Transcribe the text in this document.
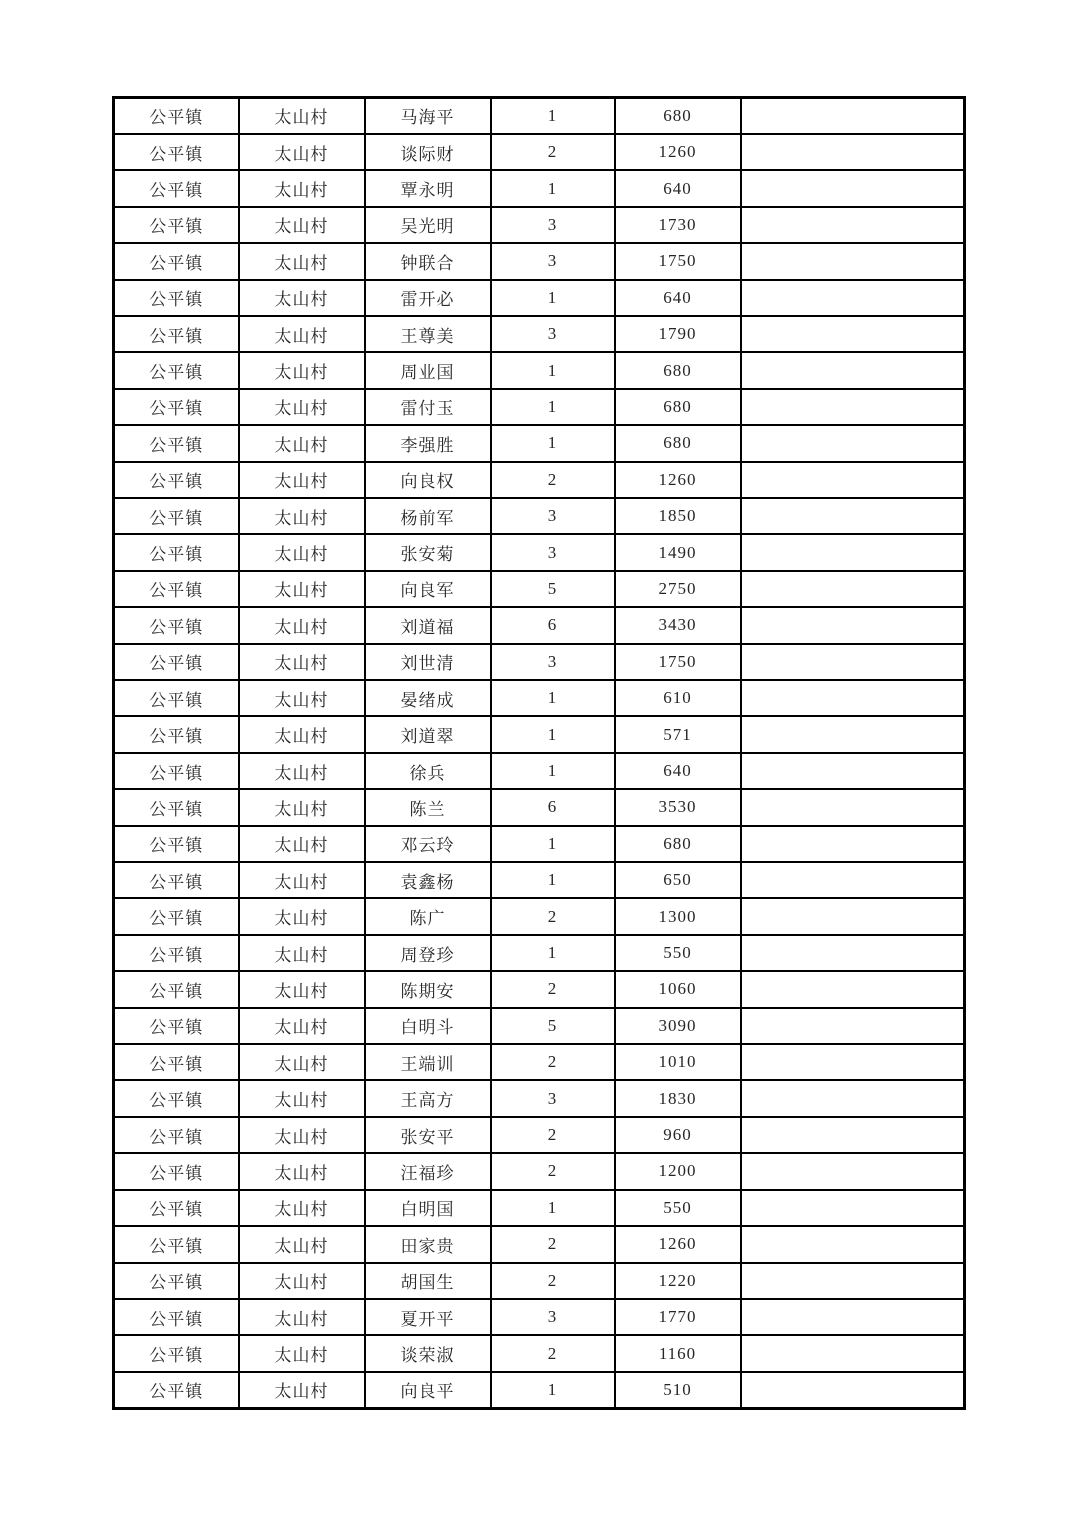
公平镇	太山村	马海平	1	680	
公平镇	太山村	谈际财	2	1260	
公平镇	太山村	覃永明	1	640	
公平镇	太山村	吴光明	3	1730	
公平镇	太山村	钟联合	3	1750	
公平镇	太山村	雷开必	1	640	
公平镇	太山村	王尊美	3	1790	
公平镇	太山村	周业国	1	680	
公平镇	太山村	雷付玉	1	680	
公平镇	太山村	李强胜	1	680	
公平镇	太山村	向良权	2	1260	
公平镇	太山村	杨前军	3	1850	
公平镇	太山村	张安菊	3	1490	
公平镇	太山村	向良军	5	2750	
公平镇	太山村	刘道福	6	3430	
公平镇	太山村	刘世清	3	1750	
公平镇	太山村	晏绪成	1	610	
公平镇	太山村	刘道翠	1	571	
公平镇	太山村	徐兵	1	640	
公平镇	太山村	陈兰	6	3530	
公平镇	太山村	邓云玲	1	680	
公平镇	太山村	袁鑫杨	1	650	
公平镇	太山村	陈广	2	1300	
公平镇	太山村	周登珍	1	550	
公平镇	太山村	陈期安	2	1060	
公平镇	太山村	白明斗	5	3090	
公平镇	太山村	王端训	2	1010	
公平镇	太山村	王高方	3	1830	
公平镇	太山村	张安平	2	960	
公平镇	太山村	汪福珍	2	1200	
公平镇	太山村	白明国	1	550	
公平镇	太山村	田家贵	2	1260	
公平镇	太山村	胡国生	2	1220	
公平镇	太山村	夏开平	3	1770	
公平镇	太山村	谈荣淑	2	1160	
公平镇	太山村	向良平	1	510	
